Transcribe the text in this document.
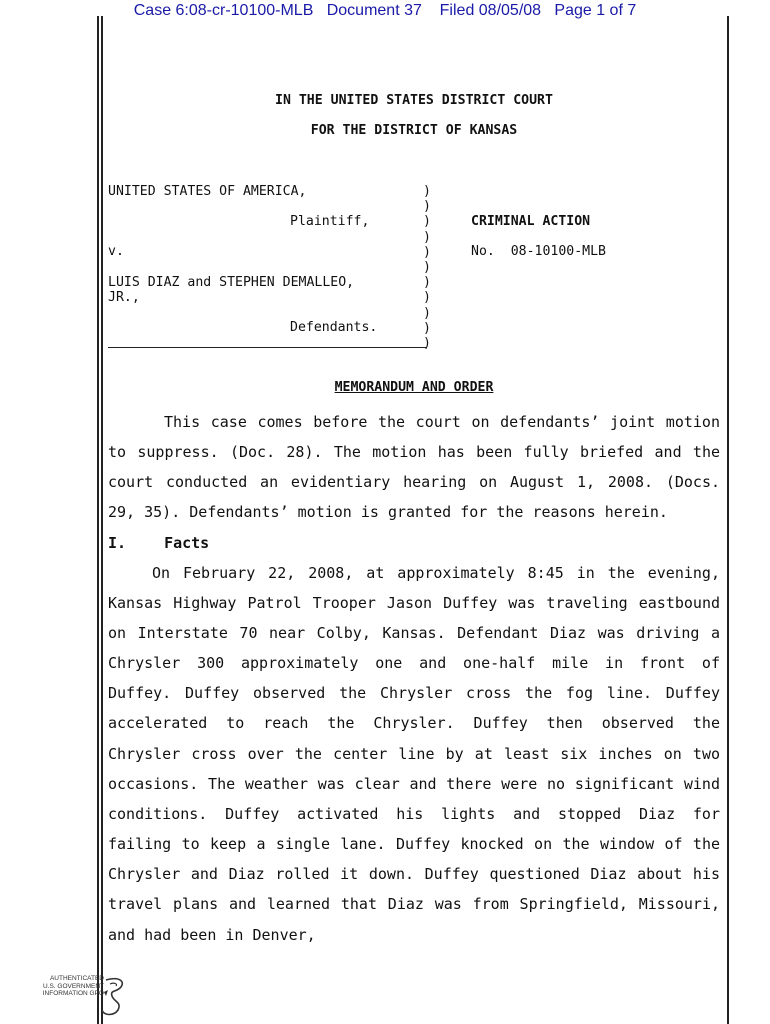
Case 6:08-cr-10100-MLB   Document 37    Filed 08/05/08   Page 1 of 7
IN THE UNITED STATES DISTRICT COURT
FOR THE DISTRICT OF KANSAS
UNITED STATES OF AMERICA,
Plaintiff,
v.
LUIS DIAZ and STEPHEN DEMALLEO,
JR.,
Defendants.
)
)
)
)
)
)
)
)
)
)
)
CRIMINAL ACTION
No.  08-10100-MLB
MEMORANDUM AND ORDER

This case comes before the court on defendants’ joint motion to suppress. (Doc. 28). The motion has been fully briefed and the court conducted an evidentiary hearing on August 1, 2008. (Docs. 29, 35). Defendants’ motion is granted for the reasons herein.

I.	Facts

On February 22, 2008, at approximately 8:45 in the evening, Kansas Highway Patrol Trooper Jason Duffey was traveling eastbound on Interstate 70 near Colby, Kansas. Defendant Diaz was driving a Chrysler 300 approximately one and one-half mile in front of Duffey. Duffey observed the Chrysler cross the fog line. Duffey accelerated to reach the Chrysler. Duffey then observed the Chrysler cross over the center line by at least six inches on two occasions. The weather was clear and there were no significant wind conditions. Duffey activated his lights and stopped Diaz for failing to keep a single lane. Duffey knocked on the window of the Chrysler and Diaz rolled it down. Duffey questioned Diaz about his travel plans and learned that Diaz was from Springfield, Missouri, and had been in Denver,

AUTHENTICATED U.S. GOVERNMENT INFORMATION GPO
